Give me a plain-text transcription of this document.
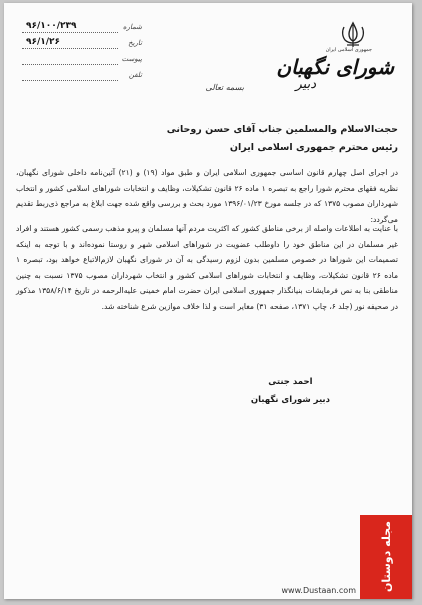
جمهوری اسلامی ایران
شورای نگهبان
دبیر
شماره
۹۶/۱۰۰/۲۳۹
تاریخ
۹۶/۱/۲۶
پیوست
تلفن
بسمه تعالی
حجت‌الاسلام والمسلمین جناب آقای حسن روحانی
رئیس محترم جمهوری اسلامی ایران
در اجرای اصل چهارم قانون اساسی جمهوری اسلامی ایران و طبق مواد (۱۹) و (۲۱) آئین‌نامه داخلی شورای نگهبان، نظریه فقهای محترم شورا راجع به تبصره ۱ ماده ۲۶ قانون تشکیلات، وظایف و انتخابات شوراهای اسلامی کشور و انتخاب شهرداران مصوب ۱۳۷۵ که در جلسه مورخ ۱۳۹۶/۰۱/۲۳ مورد بحث و بررسی واقع شده جهت ابلاغ به مراجع ذی‌ربط تقدیم می‌گردد:
با عنایت به اطلاعات واصله از برخی مناطق کشور که اکثریت مردم آنها مسلمان و پیرو مذهب رسمی کشور هستند و افراد غیر مسلمان در این مناطق خود را داوطلب عضویت در شوراهای اسلامی شهر و روستا نموده‌اند و با توجه به اینکه تصمیمات این شوراها در خصوص مسلمین بدون لزوم رسیدگی به آن در شورای نگهبان لازم‌الاتباع خواهد بود، تبصره ۱ ماده ۲۶ قانون تشکیلات، وظایف و انتخابات شوراهای اسلامی کشور و انتخاب شهرداران مصوب ۱۳۷۵ نسبت به چنین مناطقی بنا به نص فرمایشات بنیانگذار جمهوری اسلامی ایران حضرت امام خمینی علیه‌الرحمه در تاریخ ۱۳۵۸/۶/۱۴ مذکور در صحیفه نور (جلد ۶، چاپ ۱۳۷۱، صفحه ۳۱) مغایر است و لذا خلاف موازین شرع شناخته شد.
احمد جنتی
دبیر شورای نگهبان
مجله دوستان
www.Dustaan.com
